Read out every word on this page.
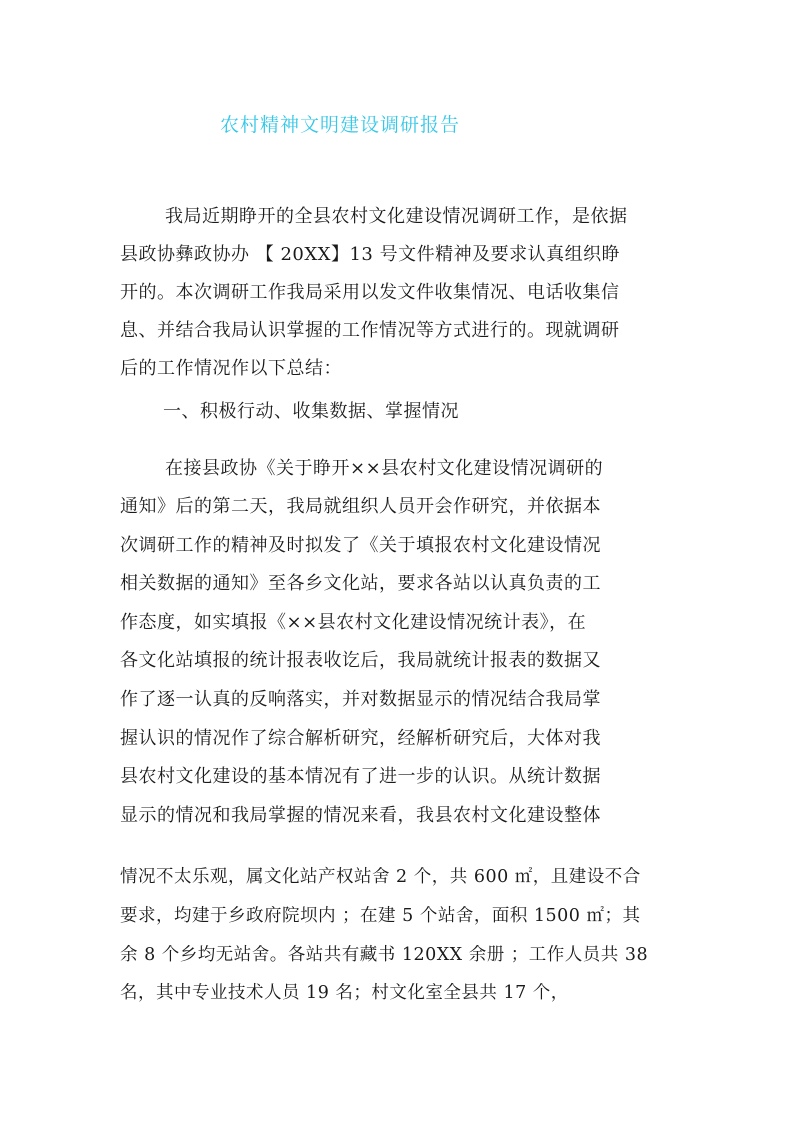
农村精神文明建设调研报告
我局近期睁开的全县农村文化建设情况调研工作，是依据
县政协彝政协办 【 20XX】13 号文件精神及要求认真组织睁
开的。本次调研工作我局采用以发文件收集情况、电话收集信
息、并结合我局认识掌握的工作情况等方式进行的。现就调研
后的工作情况作以下总结：
一、积极行动、收集数据、掌握情况
在接县政协《关于睁开××县农村文化建设情况调研的
通知》后的第二天，我局就组织人员开会作研究，并依据本
次调研工作的精神及时拟发了《关于填报农村文化建设情况
相关数据的通知》至各乡文化站，要求各站以认真负责的工
作态度，如实填报《××县农村文化建设情况统计表》，在
各文化站填报的统计报表收讫后，我局就统计报表的数据又
作了逐一认真的反响落实，并对数据显示的情况结合我局掌
握认识的情况作了综合解析研究，经解析研究后，大体对我
县农村文化建设的基本情况有了进一步的认识。从统计数据
显示的情况和我局掌握的情况来看，我县农村文化建设整体
情况不太乐观，属文化站产权站舍 2 个，共 600 ㎡，且建设不合
要求，均建于乡政府院坝内 ；在建 5 个站舍，面积 1500 ㎡；其
余 8 个乡均无站舍。各站共有藏书 120XX 余册 ；工作人员共 38
名，其中专业技术人员 19 名；村文化室全县共 17 个，
